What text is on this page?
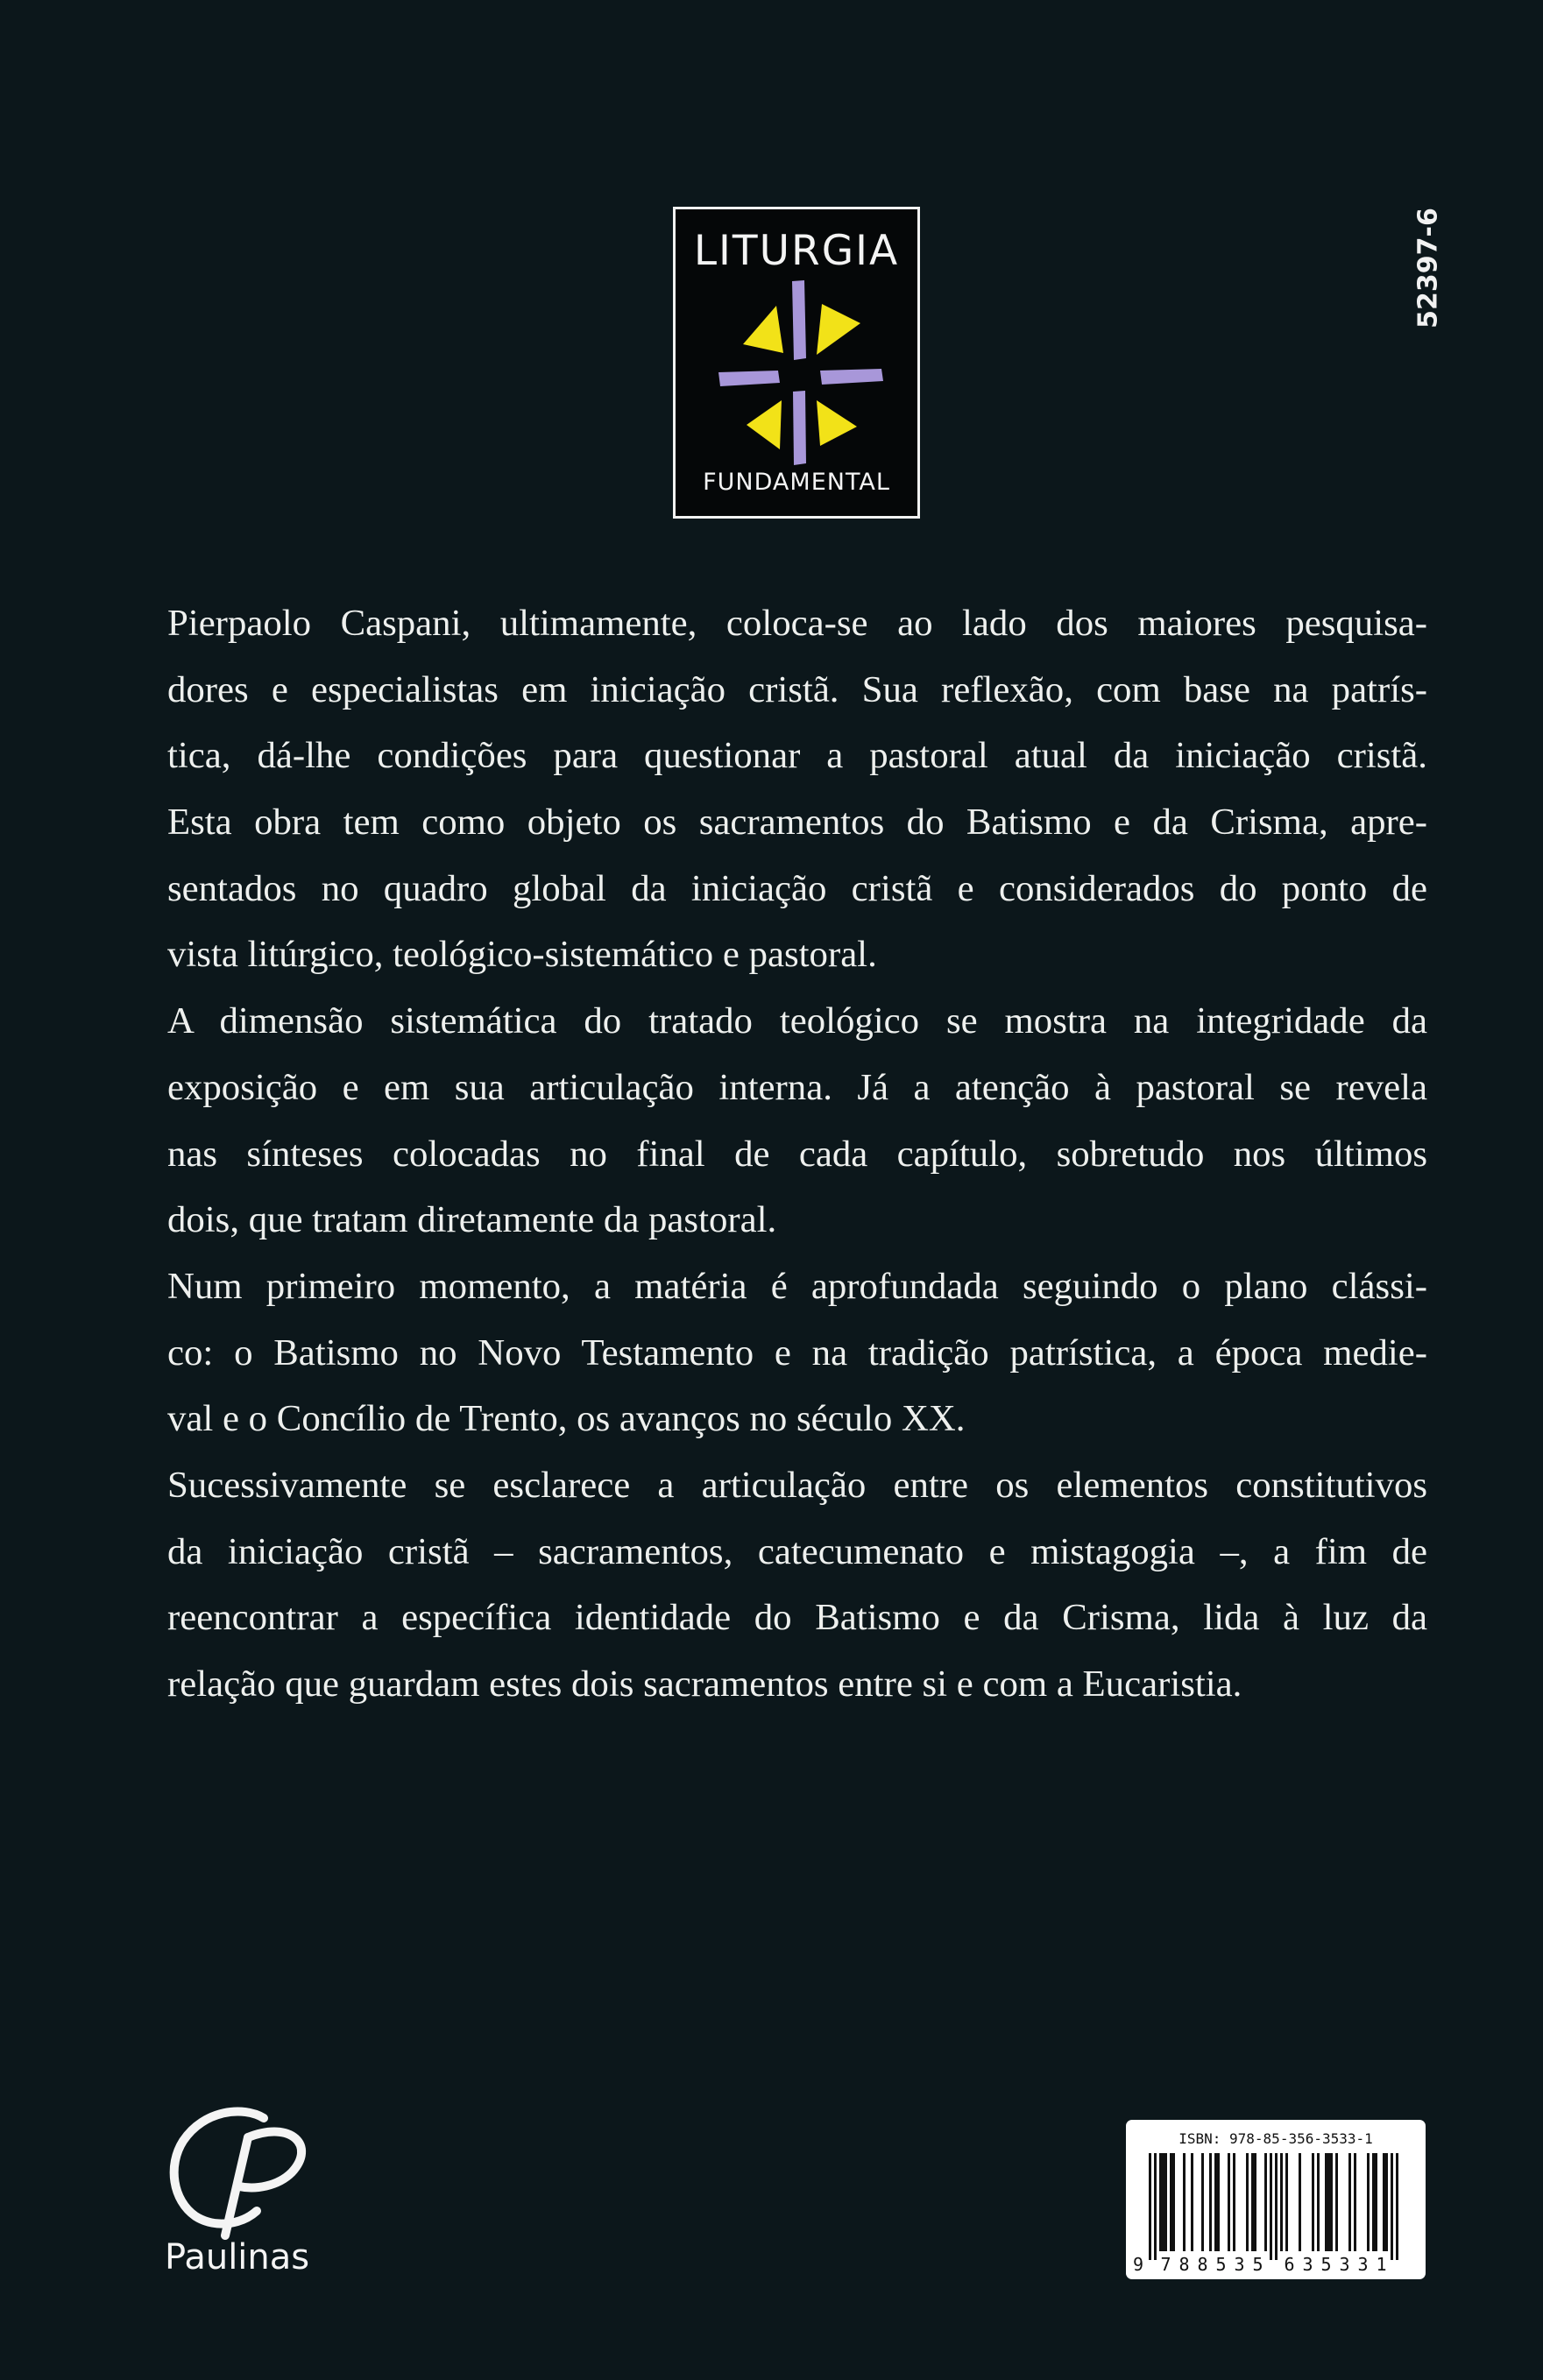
LITURGIA
FUNDAMENTAL
52397-6
Pierpaolo Caspani, ultimamente, coloca-se ao lado dos maiores pesquisa-
dores e especialistas em iniciação cristã. Sua reflexão, com base na patrís-
tica, dá-lhe condições para questionar a pastoral atual da iniciação cristã.
Esta obra tem como objeto os sacramentos do Batismo e da Crisma, apre-
sentados no quadro global da iniciação cristã e considerados do ponto de
vista litúrgico, teológico-sistemático e pastoral.
A dimensão sistemática do tratado teológico se mostra na integridade da
exposição e em sua articulação interna. Já a atenção à pastoral se revela
nas sínteses colocadas no final de cada capítulo, sobretudo nos últimos
dois, que tratam diretamente da pastoral.
Num primeiro momento, a matéria é aprofundada seguindo o plano clássi-
co: o Batismo no Novo Testamento e na tradição patrística, a época medie-
val e o Concílio de Trento, os avanços no século XX.
Sucessivamente se esclarece a articulação entre os elementos constitutivos
da iniciação cristã – sacramentos, catecumenato e mistagogia –, a fim de
reencontrar a específica identidade do Batismo e da Crisma, lida à luz da
relação que guardam estes dois sacramentos entre si e com a Eucaristia.
Paulinas
ISBN: 978-85-356-3533-1
9 7 8 8 5 3 5 6 3 5 3 3 1
